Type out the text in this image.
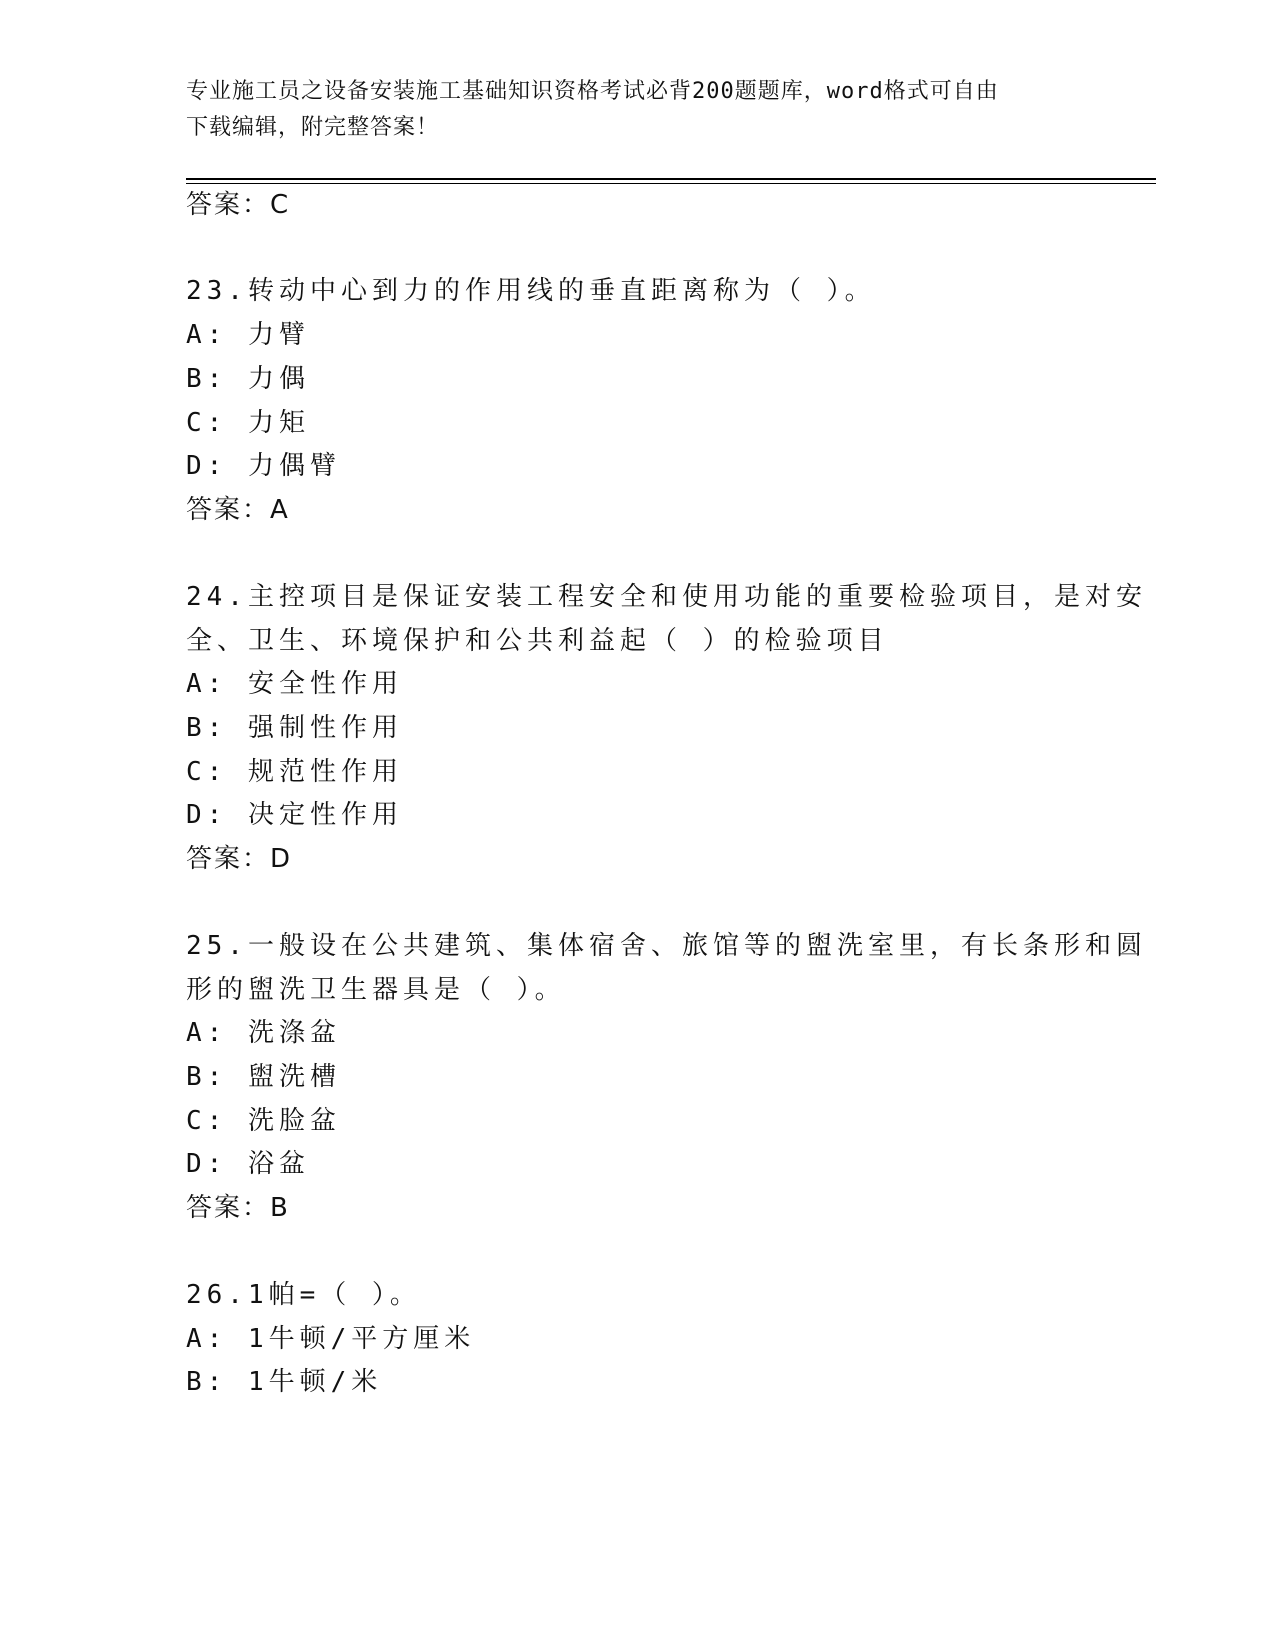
专业施工员之设备安装施工基础知识资格考试必背200题题库，word格式可自由
下载编辑，附完整答案！
答案：C
23.转动中心到力的作用线的垂直距离称为（ ）。
A: 力臂
B: 力偶
C: 力矩
D: 力偶臂
答案：A
24.主控项目是保证安装工程安全和使用功能的重要检验项目，是对安
全、卫生、环境保护和公共利益起（ ）的检验项目
A: 安全性作用
B: 强制性作用
C: 规范性作用
D: 决定性作用
答案：D
25.一般设在公共建筑、集体宿舍、旅馆等的盥洗室里，有长条形和圆
形的盥洗卫生器具是（ ）。
A: 洗涤盆
B: 盥洗槽
C: 洗脸盆
D: 浴盆
答案：B
26.1帕=（ ）。
A: 1牛顿/平方厘米
B: 1牛顿/米
